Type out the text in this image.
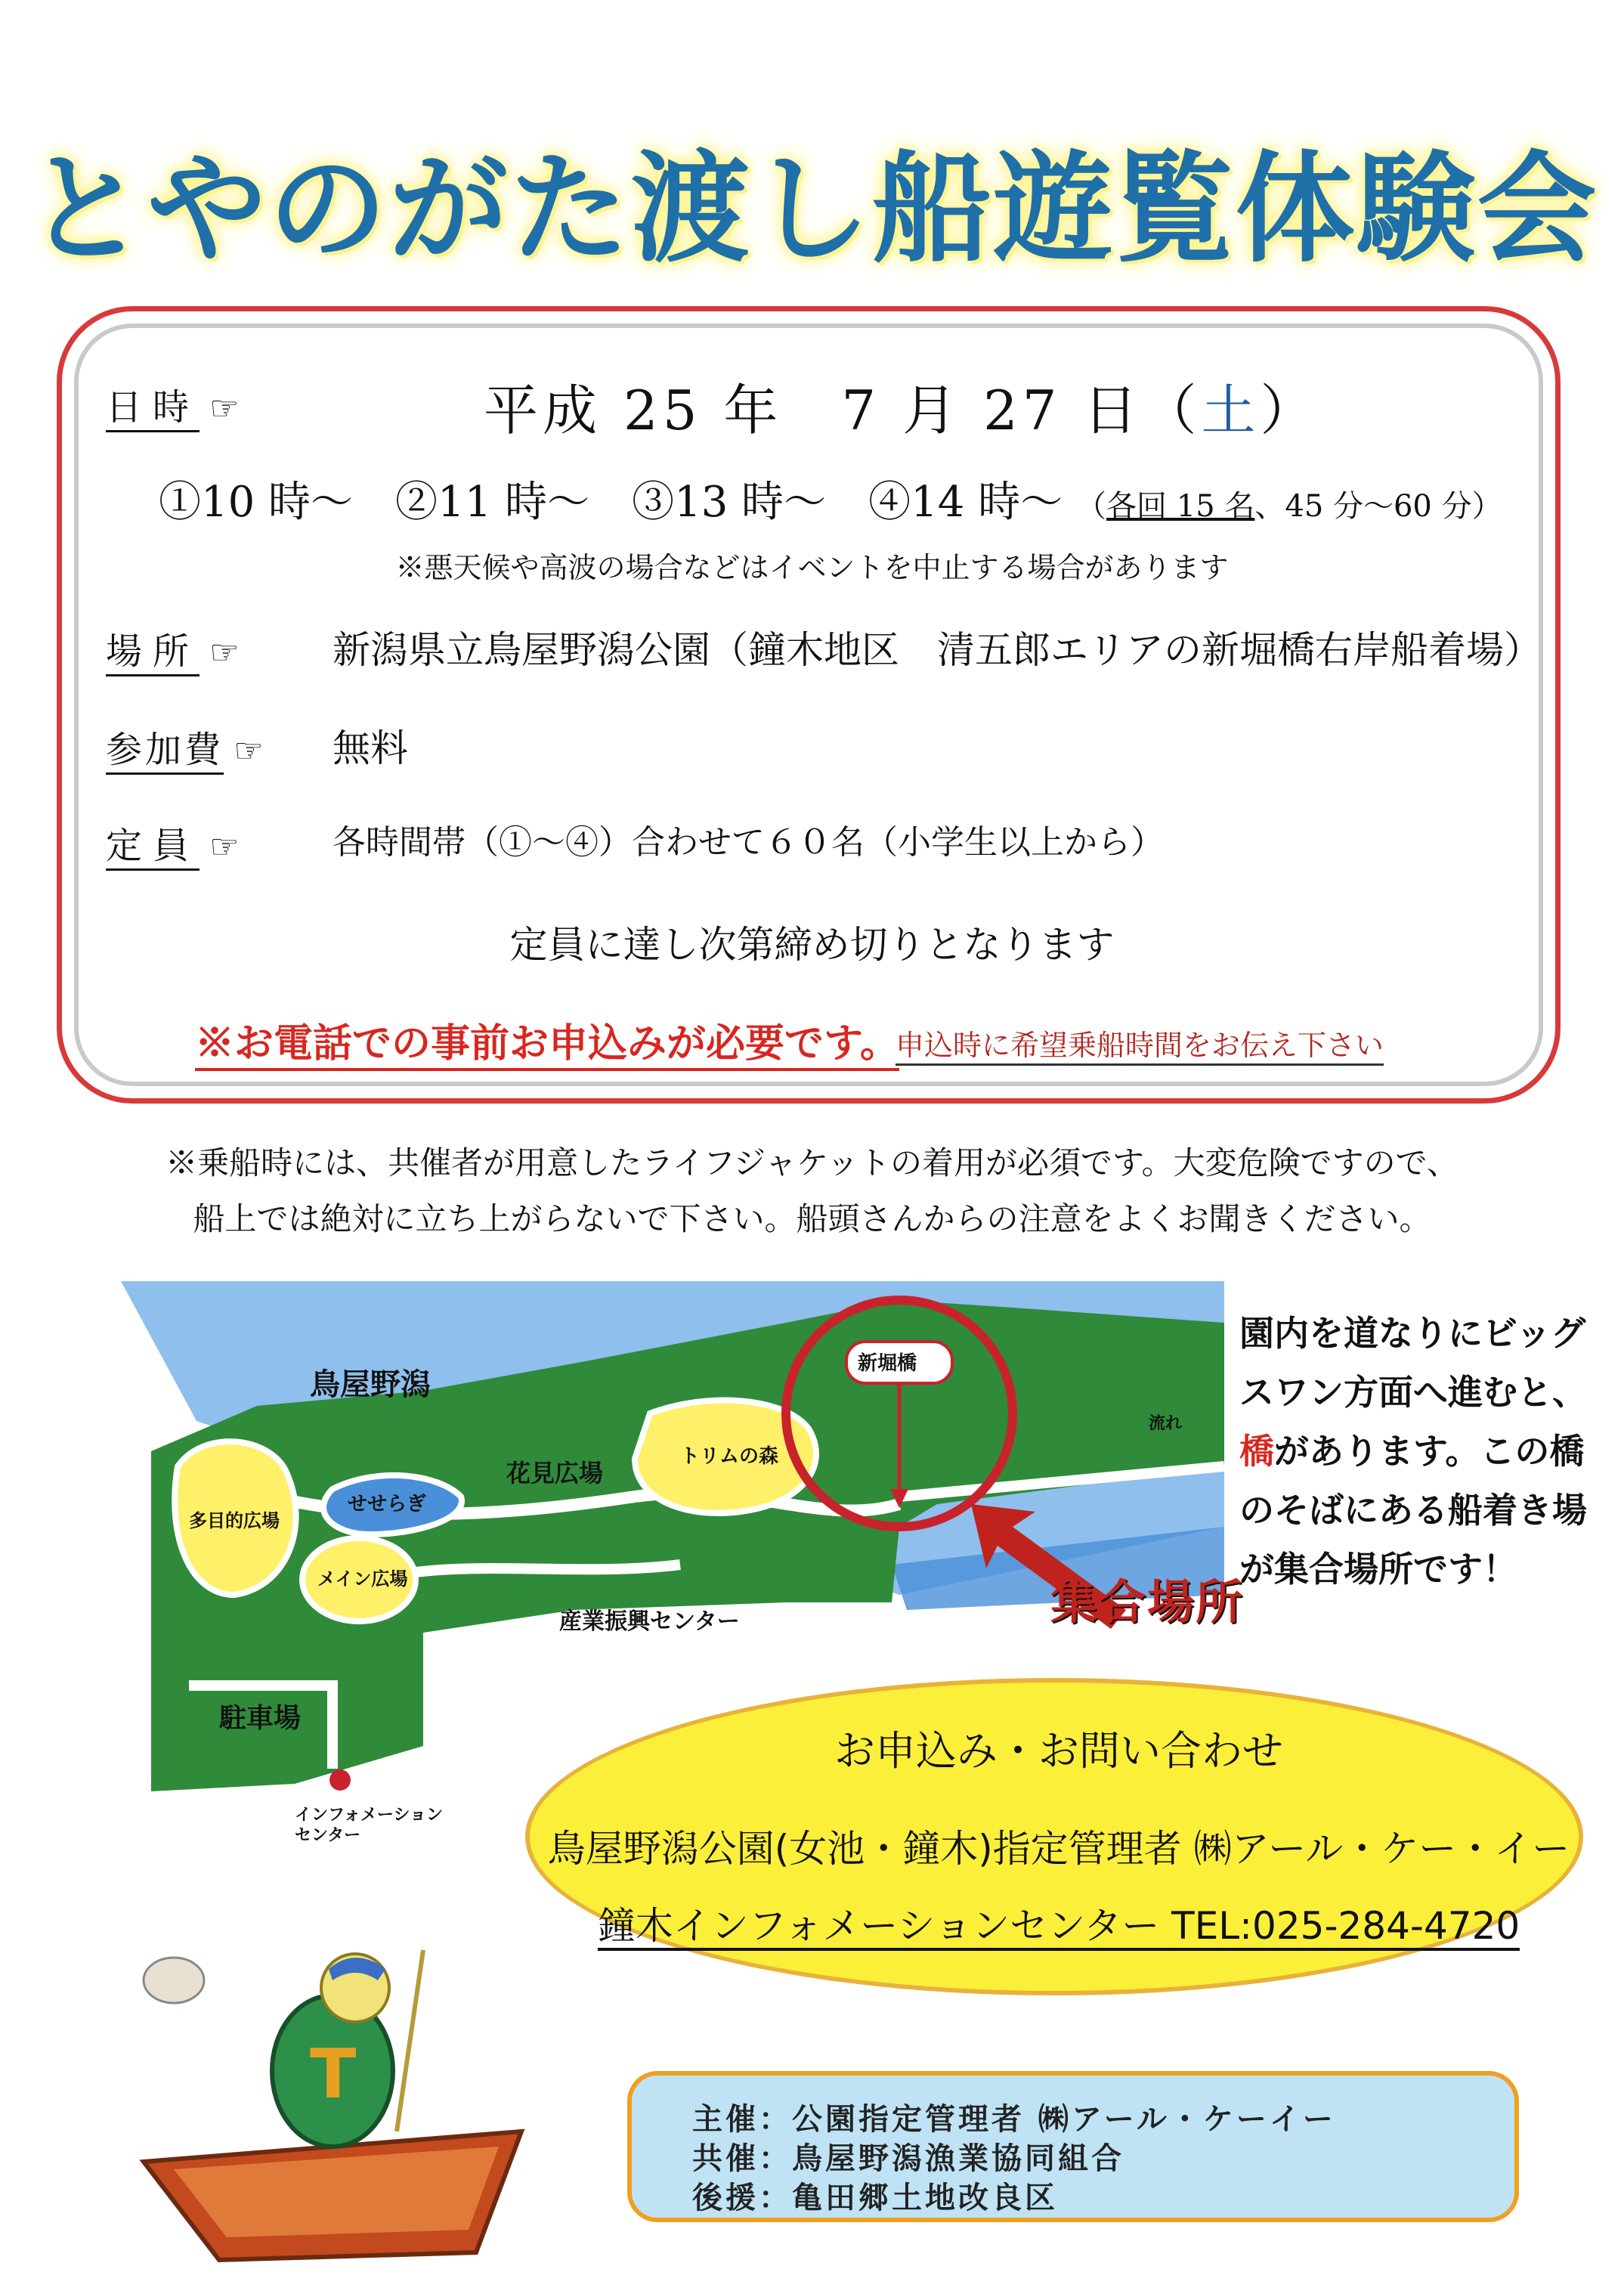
とやのがた渡し船遊覧体験会
日時 ☞	平成 25 年　7 月 27 日（土）
①10 時～　②11 時～　③13 時～　④14 時～ （各回 15 名、45 分～60 分）
※悪天候や高波の場合などはイベントを中止する場合があります
場所 ☞ 新潟県立鳥屋野潟公園（鐘木地区　清五郎エリアの新堀橋右岸船着場）
参加費 ☞ 無料
定員 ☞	各時間帯（①～④）合わせて６０名（小学生以上から）
定員に達し次第締め切りとなります
※お電話での事前お申込みが必要です。
申込時に希望乗船時間をお伝え下さい
※乗船時には、共催者が用意したライフジャケットの着用が必須です。大変危険ですので、
船上では絶対に立ち上がらないで下さい。船頭さんからの注意をよくお聞きください。
鳥屋野潟
新堀橋
流れ
トリムの森
花見広場
せせらぎ
多目的広場
メイン広場
産業振興センター
駐車場
インフォメーション
センター
園内を道なりにビッグスワン方面へ進むと、橋があります。この橋のそばにある船着き場が集合場所です！
集合場所
お申込み・お問い合わせ
鳥屋野潟公園(女池・鐘木)指定管理者 ㈱アール・ケー・イー
鐘木インフォメーションセンター TEL:025-284-4720
T
主催：公園指定管理者 ㈱アール・ケーイー
共催：鳥屋野潟漁業協同組合
後援：亀田郷土地改良区
